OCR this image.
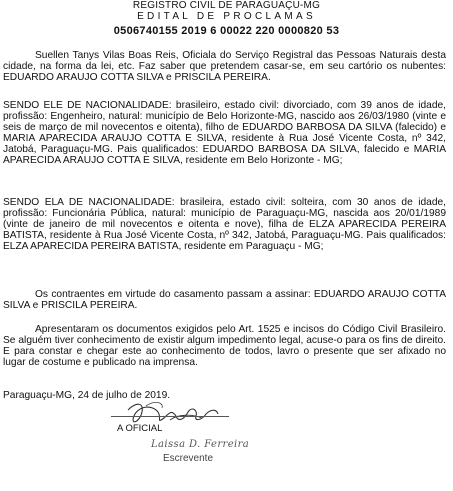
REGISTRO CIVIL DE PARAGUAÇU-MG
EDITAL DE PROCLAMAS
0506740155 2019 6 00022 220 0000820 53

Suellen Tanys Vilas Boas Reis, Oficiala do Serviço Registral das Pessoas Naturais desta cidade, na forma da lei, etc. Faz saber que pretendem casar-se, em seu cartório os nubentes: EDUARDO ARAUJO COTTA SILVA e PRISCILA PEREIRA.

SENDO ELE DE NACIONALIDADE: brasileiro, estado civil: divorciado, com 39 anos de idade, profissão: Engenheiro, natural: município de Belo Horizonte-MG, nascido aos 26/03/1980 (vinte e seis de março de mil novecentos e oitenta), filho de EDUARDO BARBOSA DA SILVA (falecido) e MARIA APARECIDA ARAUJO COTTA E SILVA, residente à Rua José Vicente Costa, nº 342, Jatobá, Paraguaçu-MG. Pais qualificados: EDUARDO BARBOSA DA SILVA, falecido e MARIA APARECIDA ARAUJO COTTA E SILVA, residente em Belo Horizonte - MG;

SENDO ELA DE NACIONALIDADE: brasileira, estado civil: solteira, com 30 anos de idade, profissão: Funcionária Pública, natural: município de Paraguaçu-MG, nascida aos 20/01/1989 (vinte de janeiro de mil novecentos e oitenta e nove), filha de ELZA APARECIDA PEREIRA BATISTA, residente à Rua José Vicente Costa, nº 342, Jatobá, Paraguaçu-MG. Pais qualificados: ELZA APARECIDA PEREIRA BATISTA, residente em Paraguaçu - MG;

Os contraentes em virtude do casamento passam a assinar: EDUARDO ARAUJO COTTA SILVA e PRISCILA PEREIRA.

Apresentaram os documentos exigidos pelo Art. 1525 e incisos do Código Civil Brasileiro. Se alguém tiver conhecimento de existir algum impedimento legal, acuse-o para os fins de direito. E para constar e chegar este ao conhecimento de todos, lavro o presente que ser afixado no lugar de costume e publicado na imprensa.

Paraguaçu-MG, 24 de julho de 2019.
A OFICIAL
Laissa D. Ferreira
Escrevente
